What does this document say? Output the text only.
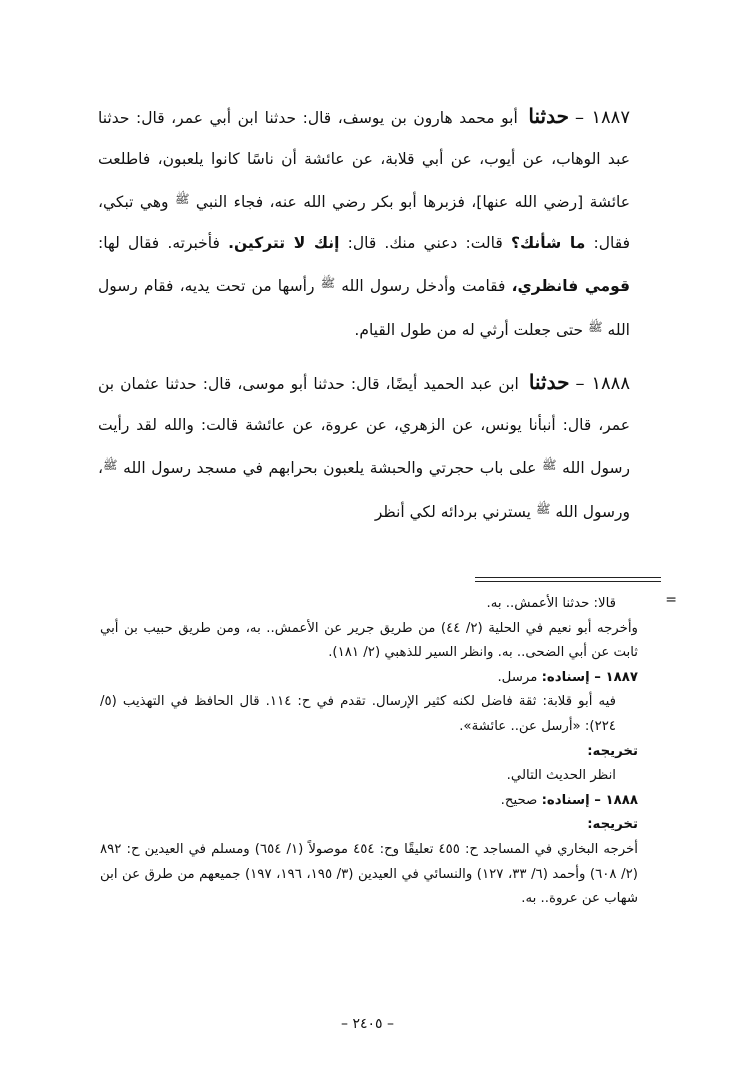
١٨٨٧ –حدثنا أبو محمد هارون بن يوسف، قال: حدثنا ابن أبي عمر، قال: حدثنا عبد الوهاب، عن أيوب، عن أبي قلابة، عن عائشة أن ناسًا كانوا يلعبون، فاطلعت عائشة [رضي الله عنها]، فزبرها أبو بكر رضي الله عنه، فجاء النبي $^ﷺ$ وهي تبكي، فقال: ما شأنك؟ قالت: دعني منك. قال: إنك لا تتركين. فأخبرته. فقال لها: قومي فانظري، فقامت وأدخل رسول الله $^ﷺ$ رأسها من تحت يديه، فقام رسول الله $^ﷺ$ حتى جعلت أرثي له من طول القيام.

١٨٨٨ –حدثنا ابن عبد الحميد أيضًا، قال: حدثنا أبو موسى، قال: حدثنا عثمان بن عمر، قال: أنبأنا يونس، عن الزهري، عن عروة، عن عائشة قالت: والله لقد رأيت رسول الله $^ﷺ$ على باب حجرتي والحبشة يلعبون بحرابهم في مسجد رسول الله $^ﷺ$، ورسول الله $^ﷺ$ يسترني بردائه لكي أنظر

=

قالا: حدثنا الأعمش.. به.

وأخرجه أبو نعيم في الحلية (٢/ ٤٤) من طريق جرير عن الأعمش.. به، ومن طريق حبيب بن أبي ثابت عن أبي الضحى.. به. وانظر السير للذهبي (٢/ ١٨١).

١٨٨٧ – إسناده: مرسل.

فيه أبو قلابة: ثقة فاضل لكنه كثير الإرسال. تقدم في ح: ١١٤. قال الحافظ في التهذيب (٥/ ٢٢٤): «أرسل عن.. عائشة».

تخريجه:

انظر الحديث التالي.

١٨٨٨ – إسناده: صحيح.

تخريجه:

أخرجه البخاري في المساجد ح: ٤٥٥ تعليقًا وح: ٤٥٤ موصولاً (١/ ٦٥٤) ومسلم في العيدين ح: ٨٩٢ (٢/ ٦٠٨) وأحمد (٦/ ٣٣، ١٢٧) والنسائي في العيدين (٣/ ١٩٥، ١٩٦، ١٩٧) جميعهم من طرق عن ابن شهاب عن عروة.. به.

– ٢٤٠٥ –
